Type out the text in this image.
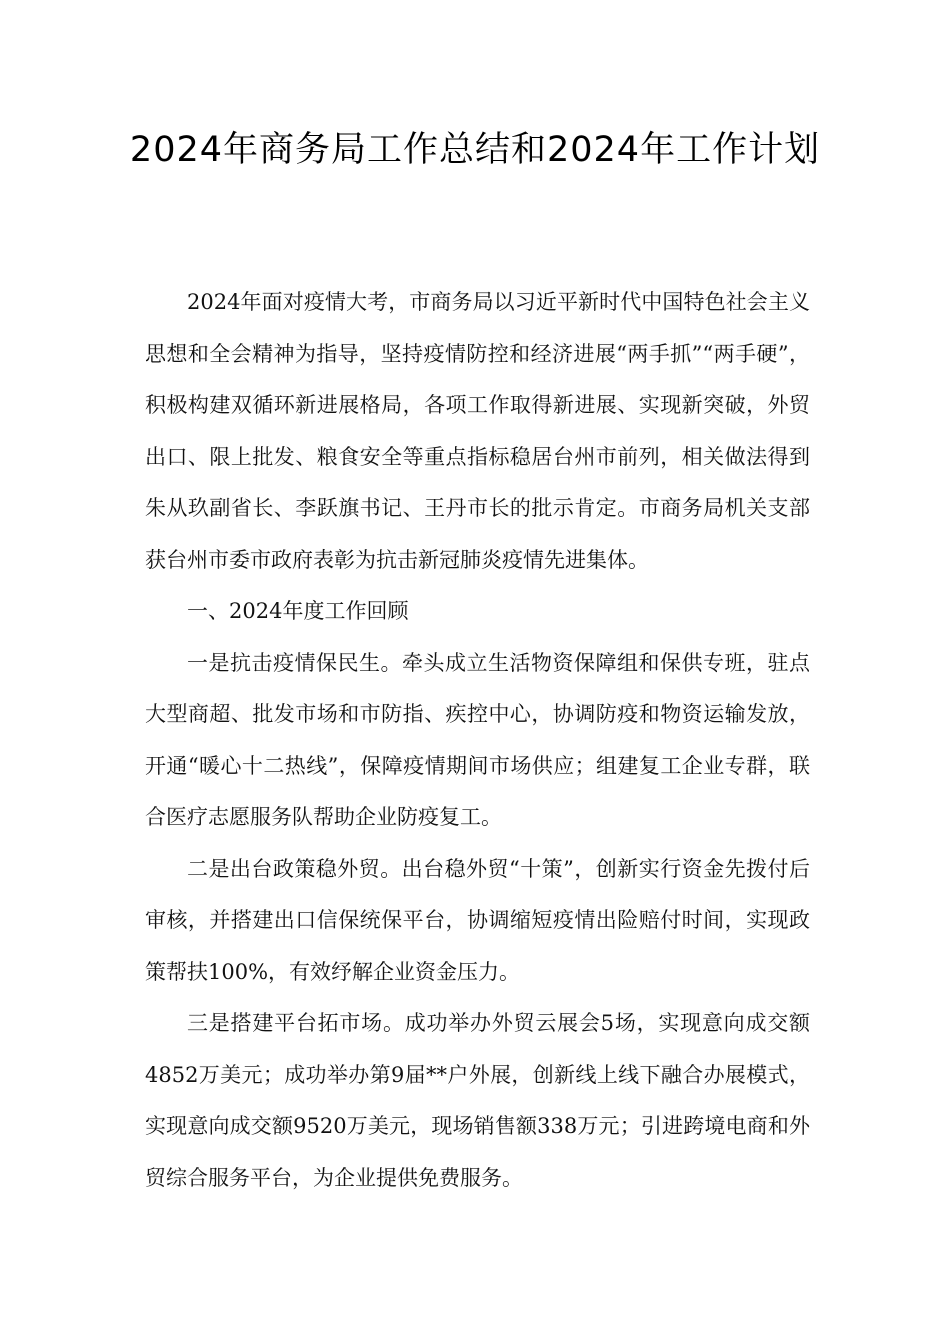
2024年商务局工作总结和2024年工作计划

2024年面对疫情大考，市商务局以习近平新时代中国特色社会主义思想和全会精神为指导，坚持疫情防控和经济进展“两手抓”“两手硬”，积极构建双循环新进展格局，各项工作取得新进展、实现新突破，外贸出口、限上批发、粮食安全等重点指标稳居台州市前列，相关做法得到朱从玖副省长、李跃旗书记、王丹市长的批示肯定。市商务局机关支部获台州市委市政府表彰为抗击新冠肺炎疫情先进集体。

一、2024年度工作回顾

一是抗击疫情保民生。牵头成立生活物资保障组和保供专班，驻点大型商超、批发市场和市防指、疾控中心，协调防疫和物资运输发放，开通“暖心十二热线”，保障疫情期间市场供应；组建复工企业专群，联合医疗志愿服务队帮助企业防疫复工。

二是出台政策稳外贸。出台稳外贸“十策”，创新实行资金先拨付后审核，并搭建出口信保统保平台，协调缩短疫情出险赔付时间，实现政策帮扶100%，有效纾解企业资金压力。

三是搭建平台拓市场。成功举办外贸云展会5场，实现意向成交额4852万美元；成功举办第9届**户外展，创新线上线下融合办展模式，实现意向成交额9520万美元，现场销售额338万元；引进跨境电商和外贸综合服务平台，为企业提供免费服务。
